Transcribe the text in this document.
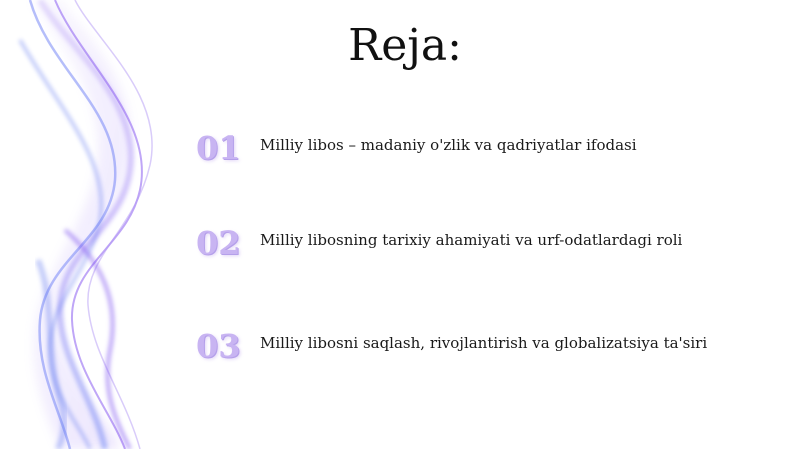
Reja:
01	Milliy libos – madaniy o'zlik va qadriyatlar ifodasi
02	Milliy libosning tarixiy ahamiyati va urf-odatlardagi roli
03	Milliy libosni saqlash, rivojlantirish va globalizatsiya ta'siri
